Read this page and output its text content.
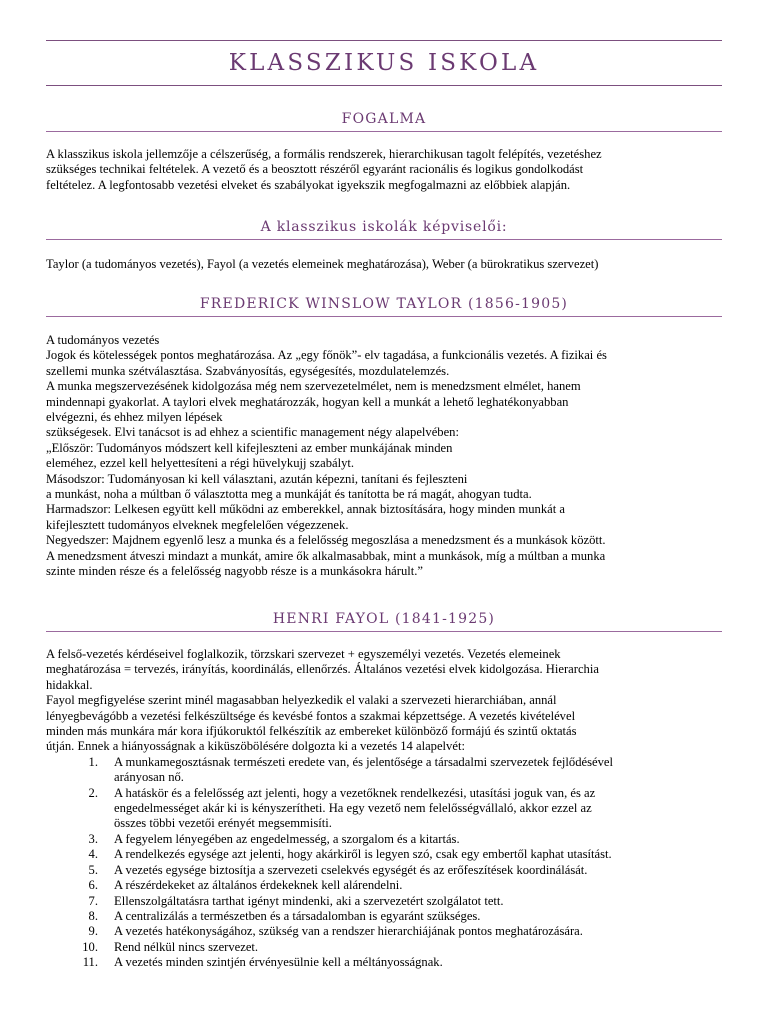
KLASSZIKUS ISKOLA
FOGALMA

A klasszikus iskola jellemzője a célszerűség, a formális rendszerek, hierarchikusan tagolt felépítés, vezetéshez

szükséges technikai feltételek. A vezető és a beosztott részéről egyaránt racionális és logikus gondolkodást

feltételez. A legfontosabb vezetési elveket és szabályokat igyekszik megfogalmazni az előbbiek alapján.

A klasszikus iskolák képviselői:

Taylor (a tudományos vezetés), Fayol (a vezetés elemeinek meghatározása), Weber (a bürokratikus szervezet)

FREDERICK WINSLOW TAYLOR (1856-1905)

A tudományos vezetés

Jogok és kötelességek pontos meghatározása. Az „egy főnök”- elv tagadása, a funkcionális vezetés. A fizikai és

szellemi munka szétválasztása. Szabványosítás, egységesítés, mozdulatelemzés.

A munka megszervezésének kidolgozása még nem szervezetelmélet, nem is menedzsment elmélet, hanem

mindennapi gyakorlat. A taylori elvek meghatározzák, hogyan kell a munkát a lehető leghatékonyabban

elvégezni, és ehhez milyen lépések

szükségesek. Elvi tanácsot is ad ehhez a scientific management négy alapelvében:

„Először: Tudományos módszert kell kifejleszteni az ember munkájának minden

eleméhez, ezzel kell helyettesíteni a régi hüvelykujj szabályt.

Másodszor: Tudományosan ki kell választani, azután képezni, tanítani és fejleszteni

a munkást, noha a múltban ő választotta meg a munkáját és tanította be rá magát, ahogyan tudta.

Harmadszor: Lelkesen együtt kell működni az emberekkel, annak biztosítására, hogy minden munkát a

kifejlesztett tudományos elveknek megfelelően végezzenek.

Negyedszer: Majdnem egyenlő lesz a munka és a felelősség megoszlása a menedzsment és a munkások között.

A menedzsment átveszi mindazt a munkát, amire ők alkalmasabbak, mint a munkások, míg a múltban a munka

szinte minden része és a felelősség nagyobb része is a munkásokra hárult.”

HENRI FAYOL (1841-1925)

A felső-vezetés kérdéseivel foglalkozik, törzskari szervezet + egyszemélyi vezetés. Vezetés elemeinek

meghatározása = tervezés, irányítás, koordinálás, ellenőrzés. Általános vezetési elvek kidolgozása. Hierarchia

hidakkal.

Fayol megfigyelése szerint minél magasabban helyezkedik el valaki a szervezeti hierarchiában, annál

lényegbevágóbb a vezetési felkészültsége és kevésbé fontos a szakmai képzettsége. A vezetés kivételével

minden más munkára már kora ifjúkoruktól felkészítik az embereket különböző formájú és szintű oktatás

útján. Ennek a hiányosságnak a kiküszöbölésére dolgozta ki a vezetés 14 alapelvét:

1.	A munkamegosztásnak természeti eredete van, és jelentősége a társadalmi szervezetek fejlődésével
arányosan nő.
2.	A hatáskör és a felelősség azt jelenti, hogy a vezetőknek rendelkezési, utasítási joguk van, és az
engedelmességet akár ki is kényszerítheti. Ha egy vezető nem felelősségvállaló, akkor ezzel az
összes többi vezetői erényét megsemmisíti.
3.	A fegyelem lényegében az engedelmesség, a szorgalom és a kitartás.
4.	A rendelkezés egysége azt jelenti, hogy akárkiről is legyen szó, csak egy embertől kaphat utasítást.
5.	A vezetés egysége biztosítja a szervezeti cselekvés egységét és az erőfeszítések koordinálását.
6.	A részérdekeket az általános érdekeknek kell alárendelni.
7.	Ellenszolgáltatásra tarthat igényt mindenki, aki a szervezetért szolgálatot tett.
8.	A centralizálás a természetben és a társadalomban is egyaránt szükséges.
9.	A vezetés hatékonyságához, szükség van a rendszer hierarchiájának pontos meghatározására.
10.	Rend nélkül nincs szervezet.
11.	A vezetés minden szintjén érvényesülnie kell a méltányosságnak.
